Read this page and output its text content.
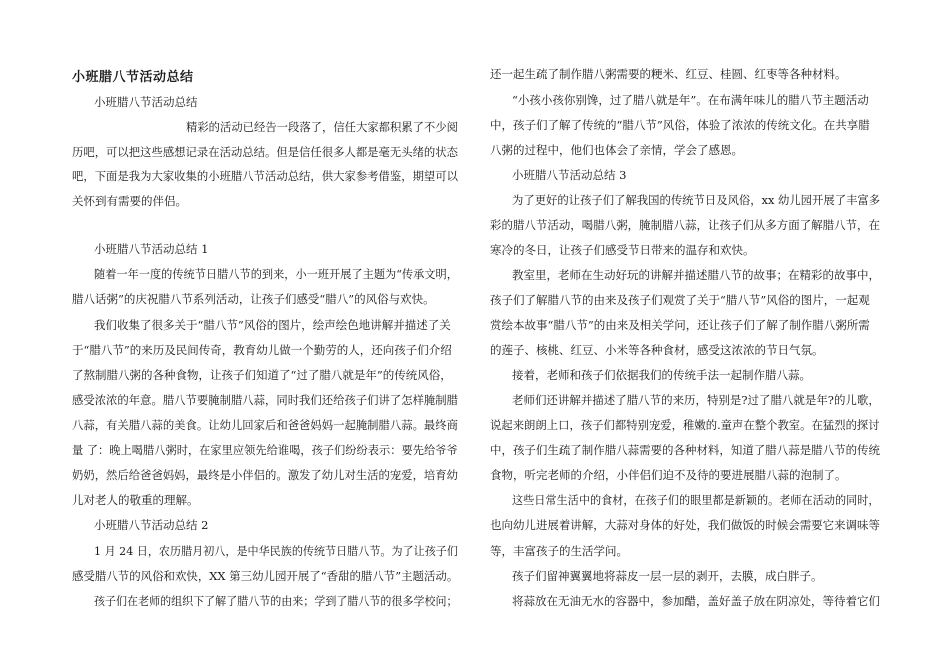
小班腊八节活动总结
小班腊八节活动总结
精彩的活动已经告一段落了，信任大家都积累了不少阅
历吧，可以把这些感想记录在活动总结。但是信任很多人都是毫无头绪的状态
吧，下面是我为大家收集的小班腊八节活动总结，供大家参考借鉴，期望可以
关怀到有需要的伴侣。
小班腊八节活动总结 1
随着一年一度的传统节日腊八节的到来，小一班开展了主题为“传承文明，
腊八话粥”的庆祝腊八节系列活动，让孩子们感受“腊八”的风俗与欢快。
我们收集了很多关于“腊八节”风俗的图片，绘声绘色地讲解并描述了关
于“腊八节”的来历及民间传奇，教育幼儿做一个勤劳的人，还向孩子们介绍
了熬制腊八粥的各种食物，让孩子们知道了“过了腊八就是年”的传统风俗，
感受浓浓的年意。腊八节要腌制腊八蒜，同时我们还给孩子们讲了怎样腌制腊
八蒜，有关腊八蒜的美食。让幼儿回家后和爸爸妈妈一起腌制腊八蒜。最终商
量 了：晚上喝腊八粥时，在家里应领先给谁喝，孩子们纷纷表示：要先给爷爷
奶奶，然后给爸爸妈妈，最终是小伴侣的。激发了幼儿对生活的宠爱，培育幼
儿对老人的敬重的理解。
小班腊八节活动总结 2
1 月 24 日，农历腊月初八，是中华民族的传统节日腊八节。为了让孩子们
感受腊八节的风俗和欢快，XX 第三幼儿园开展了“香甜的腊八节”主题活动。
孩子们在老师的组织下了解了腊八节的由来；学到了腊八节的很多学校问；
还一起生疏了制作腊八粥需要的粳米、红豆、桂圆、红枣等各种材料。
“小孩小孩你别馋，过了腊八就是年”。在布满年味儿的腊八节主题活动
中，孩子们了解了传统的“腊八节”风俗，体验了浓浓的传统文化。在共享腊
八粥的过程中，他们也体会了亲情，学会了感恩。
小班腊八节活动总结 3
为了更好的让孩子们了解我国的传统节日及风俗，xx 幼儿园开展了丰富多
彩的腊八节活动，喝腊八粥，腌制腊八蒜，让孩子们从多方面了解腊八节，在
寒冷的冬日，让孩子们感受节日带来的温存和欢快。
教室里，老师在生动好玩的讲解并描述腊八节的故事；在精彩的故事中，
孩子们了解腊八节的由来及孩子们观赏了关于“腊八节”风俗的图片，一起观
赏绘本故事“腊八节”的由来及相关学问，还让孩子们了解了制作腊八粥所需
的莲子、核桃、红豆、小米等各种食材，感受这浓浓的节日气氛。
接着，老师和孩子们依据我们的传统手法一起制作腊八蒜。
老师们还讲解并描述了腊八节的来历，特别是?过了腊八就是年?的儿歌，
说起来朗朗上口，孩子们都特别宠爱，稚嫩的.童声在整个教室。在猛烈的探讨
中，孩子们生疏了制作腊八蒜需要的各种材料，知道了腊八蒜是腊八节的传统
食物，听完老师的介绍，小伴侣们迫不及待的要进展腊八蒜的泡制了。
这些日常生活中的食材，在孩子们的眼里都是新颖的。老师在活动的同时，
也向幼儿进展着讲解，大蒜对身体的好处，我们做饭的时候会需要它来调味等
等，丰富孩子的生活学问。
孩子们留神翼翼地将蒜皮一层一层的剥开，去膜，成白胖子。
将蒜放在无油无水的容器中，参加醋，盖好盖子放在阴凉处，等待着它们
